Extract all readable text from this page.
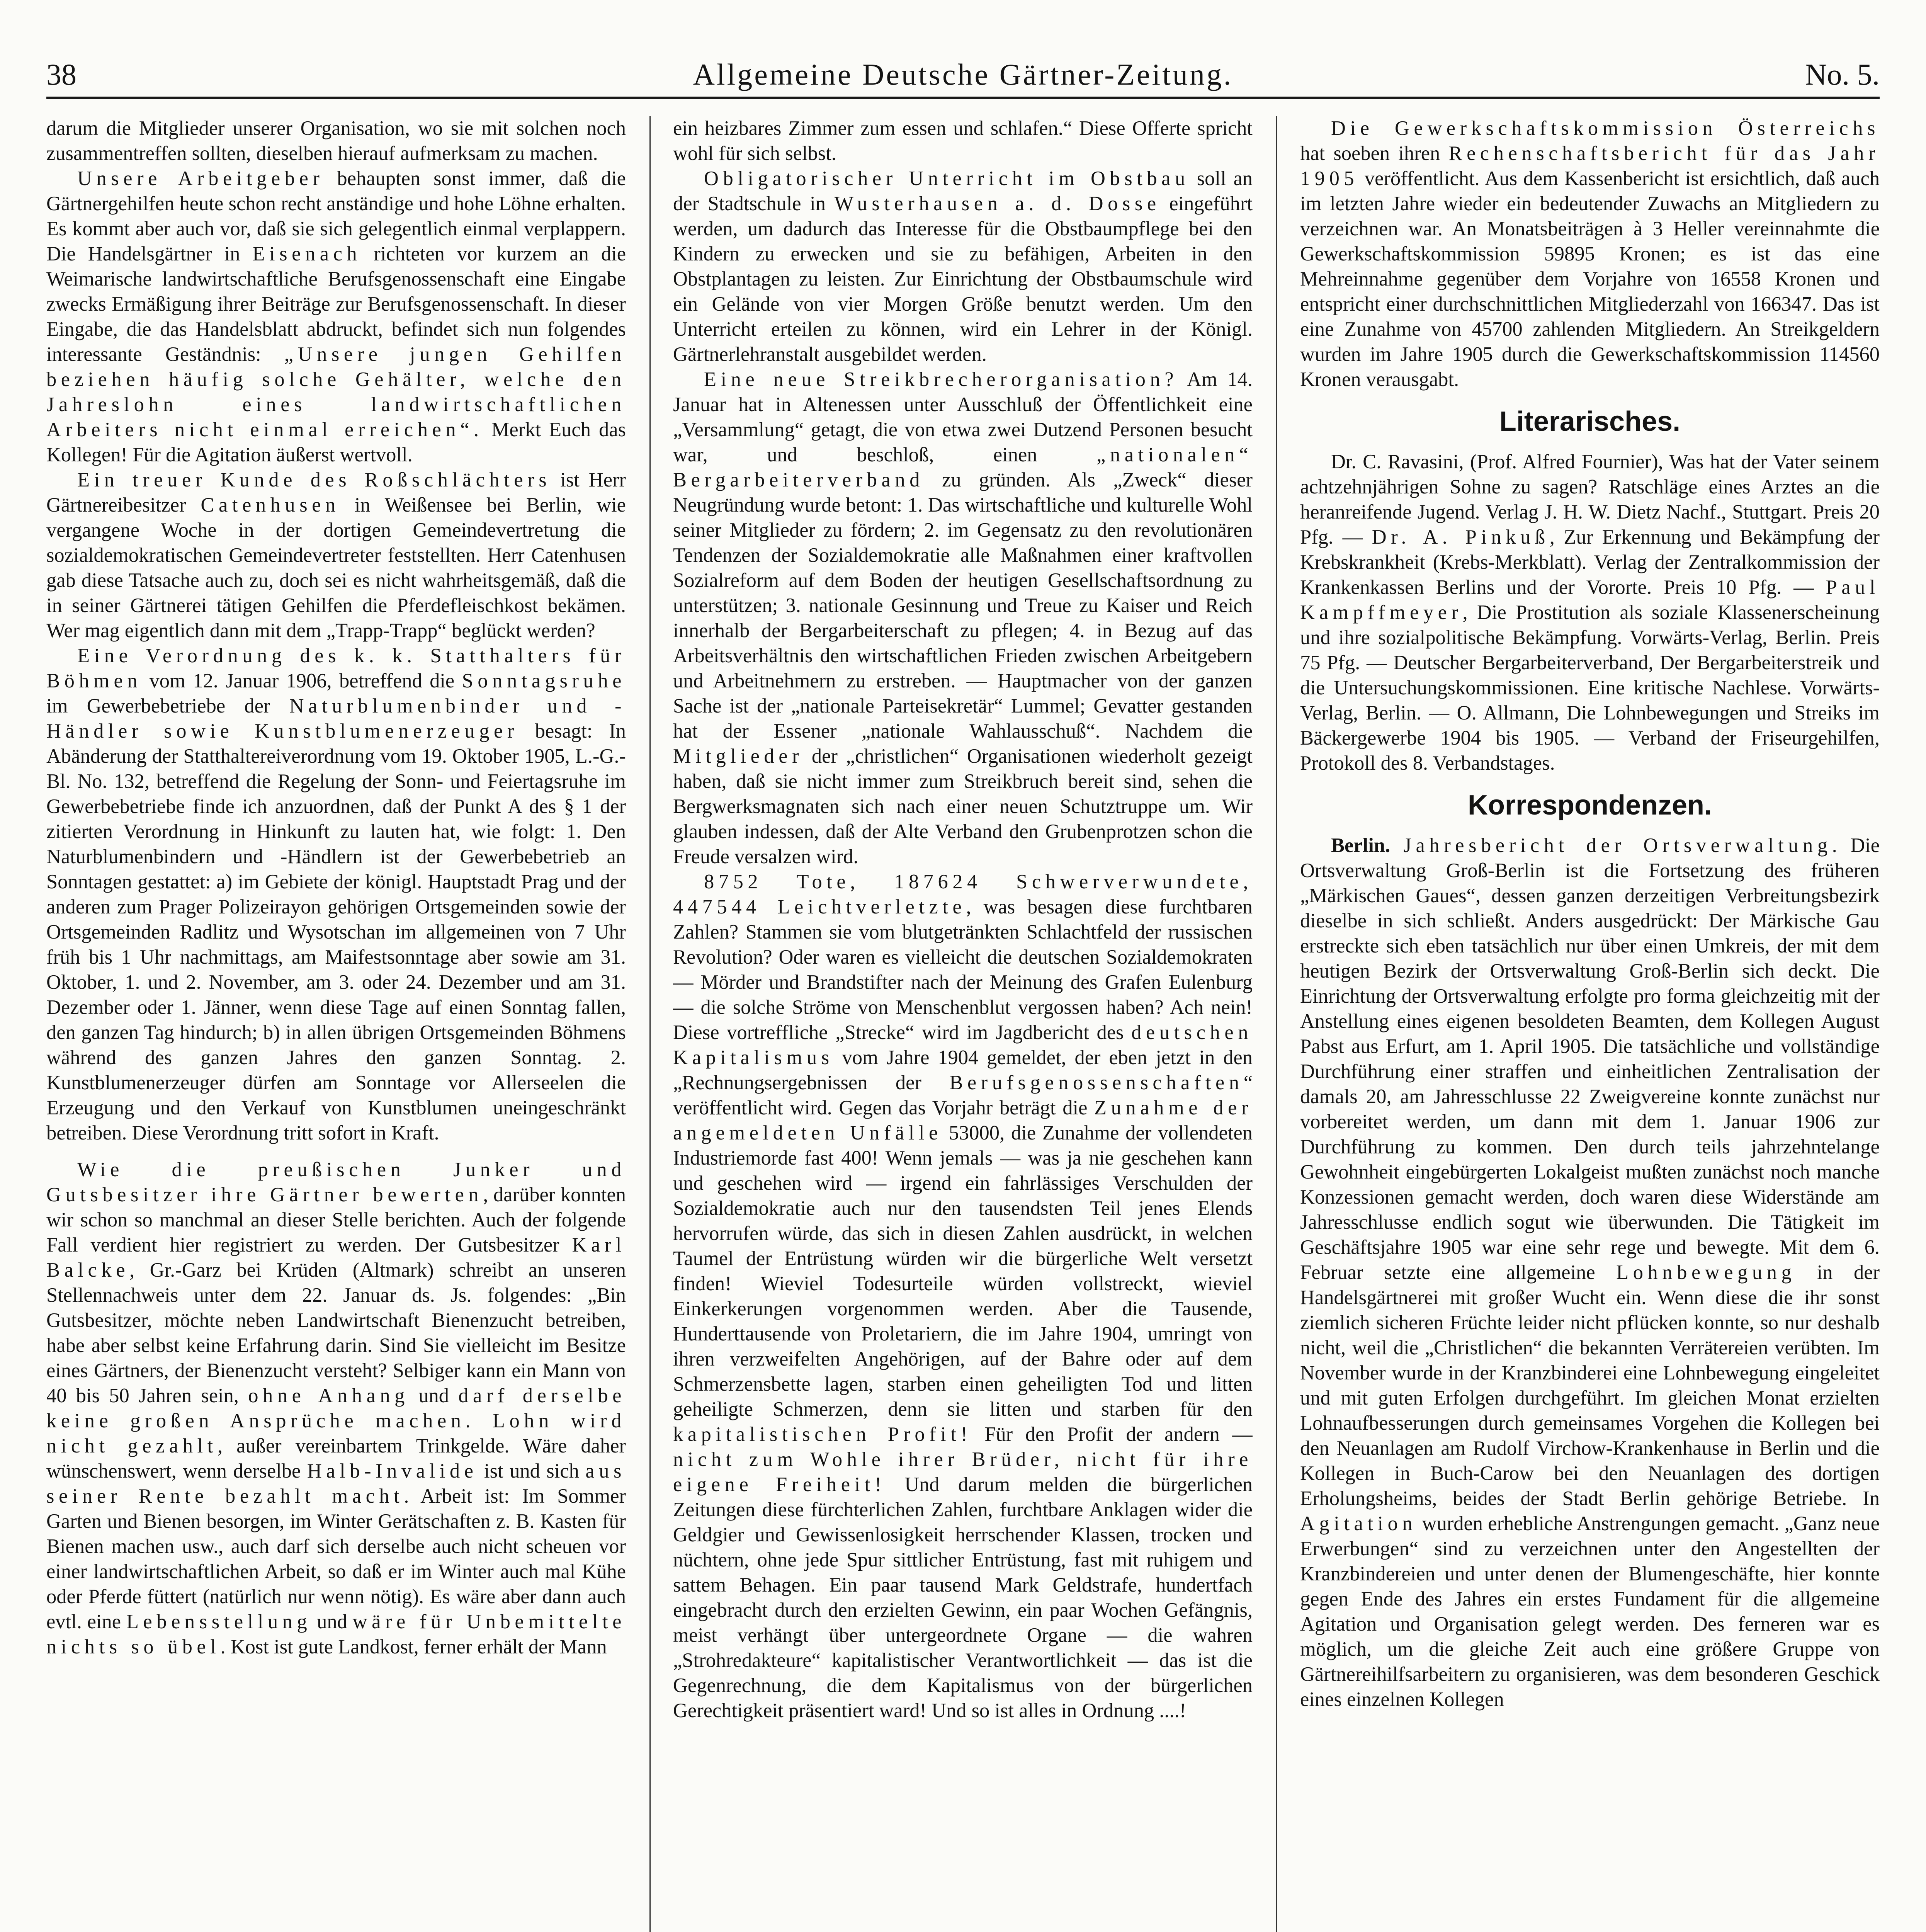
38	Allgemeine Deutsche Gärtner-Zeitung.	No. 5.

darum die Mitglieder unserer Organisation, wo sie mit solchen noch zusammentreffen sollten, dieselben hierauf aufmerksam zu machen.

Unsere Arbeitgeber behaupten sonst immer, daß die Gärtnergehilfen heute schon recht anständige und hohe Löhne erhalten. Es kommt aber auch vor, daß sie sich gelegentlich einmal verplappern. Die Handelsgärtner in Eisenach richteten vor kurzem an die Weimarische landwirtschaftliche Berufsgenossenschaft eine Eingabe zwecks Ermäßigung ihrer Beiträge zur Berufsgenossenschaft. In dieser Eingabe, die das Handelsblatt abdruckt, befindet sich nun folgendes interessante Geständnis: „Unsere jungen Gehilfen beziehen häufig solche Gehälter, welche den Jahreslohn eines landwirtschaftlichen Arbeiters nicht einmal erreichen“. Merkt Euch das Kollegen! Für die Agitation äußerst wertvoll.

Ein treuer Kunde des Roßschlächters ist Herr Gärtnereibesitzer Catenhusen in Weißensee bei Berlin, wie vergangene Woche in der dortigen Gemeindevertretung die sozialdemokratischen Gemeindevertreter feststellten. Herr Catenhusen gab diese Tatsache auch zu, doch sei es nicht wahrheitsgemäß, daß die in seiner Gärtnerei tätigen Gehilfen die Pferdefleischkost bekämen. Wer mag eigentlich dann mit dem „Trapp-Trapp“ beglückt werden?

Eine Verordnung des k. k. Statthalters für Böhmen vom 12. Januar 1906, betreffend die Sonntagsruhe im Gewerbebetriebe der Naturblumenbinder und -Händler sowie Kunstblumenerzeuger besagt: In Abänderung der Statthaltereiverordnung vom 19. Oktober 1905, L.-G.-Bl. No. 132, betreffend die Regelung der Sonn- und Feiertagsruhe im Gewerbebetriebe finde ich anzuordnen, daß der Punkt A des § 1 der zitierten Verordnung in Hinkunft zu lauten hat, wie folgt: 1. Den Naturblumenbindern und -Händlern ist der Gewerbebetrieb an Sonntagen gestattet: a) im Gebiete der königl. Hauptstadt Prag und der anderen zum Prager Polizeirayon gehörigen Ortsgemeinden sowie der Ortsgemeinden Radlitz und Wysotschan im allgemeinen von 7 Uhr früh bis 1 Uhr nachmittags, am Maifestsonntage aber sowie am 31. Oktober, 1. und 2. November, am 3. oder 24. Dezember und am 31. Dezember oder 1. Jänner, wenn diese Tage auf einen Sonntag fallen, den ganzen Tag hindurch; b) in allen übrigen Ortsgemeinden Böhmens während des ganzen Jahres den ganzen Sonntag. 2. Kunstblumenerzeuger dürfen am Sonntage vor Allerseelen die Erzeugung und den Verkauf von Kunstblumen uneingeschränkt betreiben. Diese Verordnung tritt sofort in Kraft.

Wie die preußischen Junker und Gutsbesitzer ihre Gärtner bewerten, darüber konnten wir schon so manchmal an dieser Stelle berichten. Auch der folgende Fall verdient hier registriert zu werden. Der Gutsbesitzer Karl Balcke, Gr.-Garz bei Krüden (Altmark) schreibt an unseren Stellennachweis unter dem 22. Januar ds. Js. folgendes: „Bin Gutsbesitzer, möchte neben Landwirtschaft Bienenzucht betreiben, habe aber selbst keine Erfahrung darin. Sind Sie vielleicht im Besitze eines Gärtners, der Bienenzucht versteht? Selbiger kann ein Mann von 40 bis 50 Jahren sein, ohne Anhang und darf derselbe keine großen Ansprüche machen. Lohn wird nicht gezahlt, außer vereinbartem Trinkgelde. Wäre daher wünschenswert, wenn derselbe Halb-Invalide ist und sich aus seiner Rente bezahlt macht. Arbeit ist: Im Sommer Garten und Bienen besorgen, im Winter Gerätschaften z. B. Kasten für Bienen machen usw., auch darf sich derselbe auch nicht scheuen vor einer landwirtschaftlichen Arbeit, so daß er im Winter auch mal Kühe oder Pferde füttert (natürlich nur wenn nötig). Es wäre aber dann auch evtl. eine Lebensstellung und wäre für Unbemittelte nichts so übel. Kost ist gute Landkost, ferner erhält der Mann

ein heizbares Zimmer zum essen und schlafen.“ Diese Offerte spricht wohl für sich selbst.

Obligatorischer Unterricht im Obstbau soll an der Stadtschule in Wusterhausen a. d. Dosse eingeführt werden, um dadurch das Interesse für die Obstbaumpflege bei den Kindern zu erwecken und sie zu befähigen, Arbeiten in den Obstplantagen zu leisten. Zur Einrichtung der Obstbaumschule wird ein Gelände von vier Morgen Größe benutzt werden. Um den Unterricht erteilen zu können, wird ein Lehrer in der Königl. Gärtnerlehranstalt ausgebildet werden.

Eine neue Streikbrecherorganisation? Am 14. Januar hat in Altenessen unter Ausschluß der Öffentlichkeit eine „Versammlung“ getagt, die von etwa zwei Dutzend Personen besucht war, und beschloß, einen „nationalen“ Bergarbeiterverband zu gründen. Als „Zweck“ dieser Neugründung wurde betont: 1. Das wirtschaftliche und kulturelle Wohl seiner Mitglieder zu fördern; 2. im Gegensatz zu den revolutionären Tendenzen der Sozialdemokratie alle Maßnahmen einer kraftvollen Sozialreform auf dem Boden der heutigen Gesellschaftsordnung zu unterstützen; 3. nationale Gesinnung und Treue zu Kaiser und Reich innerhalb der Bergarbeiterschaft zu pflegen; 4. in Bezug auf das Arbeitsverhältnis den wirtschaftlichen Frieden zwischen Arbeitgebern und Arbeitnehmern zu erstreben. — Hauptmacher von der ganzen Sache ist der „nationale Parteisekretär“ Lummel; Gevatter gestanden hat der Essener „nationale Wahlausschuß“. Nachdem die Mitglieder der „christlichen“ Organisationen wiederholt gezeigt haben, daß sie nicht immer zum Streikbruch bereit sind, sehen die Bergwerksmagnaten sich nach einer neuen Schutztruppe um. Wir glauben indessen, daß der Alte Verband den Grubenprotzen schon die Freude versalzen wird.

8752 Tote, 187624 Schwerverwundete, 447544 Leichtverletzte, was besagen diese furchtbaren Zahlen? Stammen sie vom blutgetränkten Schlachtfeld der russischen Revolution? Oder waren es vielleicht die deutschen Sozialdemokraten — Mörder und Brandstifter nach der Meinung des Grafen Eulenburg — die solche Ströme von Menschenblut vergossen haben? Ach nein! Diese vortreffliche „Strecke“ wird im Jagdbericht des deutschen Kapitalismus vom Jahre 1904 gemeldet, der eben jetzt in den „Rechnungsergebnissen der Berufsgenossenschaften“ veröffentlicht wird. Gegen das Vorjahr beträgt die Zunahme der angemeldeten Unfälle 53000, die Zunahme der vollendeten Industriemorde fast 400! Wenn jemals — was ja nie geschehen kann und geschehen wird — irgend ein fahrlässiges Verschulden der Sozialdemokratie auch nur den tausendsten Teil jenes Elends hervorrufen würde, das sich in diesen Zahlen ausdrückt, in welchen Taumel der Entrüstung würden wir die bürgerliche Welt versetzt finden! Wieviel Todesurteile würden vollstreckt, wieviel Einkerkerungen vorgenommen werden. Aber die Tausende, Hunderttausende von Proletariern, die im Jahre 1904, umringt von ihren verzweifelten Angehörigen, auf der Bahre oder auf dem Schmerzensbette lagen, starben einen geheiligten Tod und litten geheiligte Schmerzen, denn sie litten und starben für den kapitalistischen Profit! Für den Profit der andern — nicht zum Wohle ihrer Brüder, nicht für ihre eigene Freiheit! Und darum melden die bürgerlichen Zeitungen diese fürchterlichen Zahlen, furchtbare Anklagen wider die Geldgier und Gewissenlosigkeit herrschender Klassen, trocken und nüchtern, ohne jede Spur sittlicher Entrüstung, fast mit ruhigem und sattem Behagen. Ein paar tausend Mark Geldstrafe, hundertfach eingebracht durch den erzielten Gewinn, ein paar Wochen Gefängnis, meist verhängt über untergeordnete Organe — die wahren „Strohredakteure“ kapitalistischer Verantwortlichkeit — das ist die Gegenrechnung, die dem Kapitalismus von der bürgerlichen Gerechtigkeit präsentiert ward! Und so ist alles in Ordnung ....!

Die Gewerkschaftskommission Österreichs hat soeben ihren Rechenschaftsbericht für das Jahr 1905 veröffentlicht. Aus dem Kassenbericht ist ersichtlich, daß auch im letzten Jahre wieder ein bedeutender Zuwachs an Mitgliedern zu verzeichnen war. An Monatsbeiträgen à 3 Heller vereinnahmte die Gewerkschaftskommission 59895 Kronen; es ist das eine Mehreinnahme gegenüber dem Vorjahre von 16558 Kronen und entspricht einer durchschnittlichen Mitgliederzahl von 166347. Das ist eine Zunahme von 45700 zahlenden Mitgliedern. An Streikgeldern wurden im Jahre 1905 durch die Gewerkschaftskommission 114560 Kronen verausgabt.

Literarisches.

Dr. C. Ravasini, (Prof. Alfred Fournier), Was hat der Vater seinem achtzehnjährigen Sohne zu sagen? Ratschläge eines Arztes an die heranreifende Jugend. Verlag J. H. W. Dietz Nachf., Stuttgart. Preis 20 Pfg. — Dr. A. Pinkuß, Zur Erkennung und Bekämpfung der Krebskrankheit (Krebs-Merkblatt). Verlag der Zentralkommission der Krankenkassen Berlins und der Vororte. Preis 10 Pfg. — Paul Kampffmeyer, Die Prostitution als soziale Klassenerscheinung und ihre sozialpolitische Bekämpfung. Vorwärts-Verlag, Berlin. Preis 75 Pfg. — Deutscher Bergarbeiterverband, Der Bergarbeiterstreik und die Untersuchungskommissionen. Eine kritische Nachlese. Vorwärts-Verlag, Berlin. — O. Allmann, Die Lohnbewegungen und Streiks im Bäckergewerbe 1904 bis 1905. — Verband der Friseurgehilfen, Protokoll des 8. Verbandstages.

Korrespondenzen.

Berlin. Jahresbericht der Ortsverwaltung. Die Ortsverwaltung Groß-Berlin ist die Fortsetzung des früheren „Märkischen Gaues“, dessen ganzen derzeitigen Verbreitungsbezirk dieselbe in sich schließt. Anders ausgedrückt: Der Märkische Gau erstreckte sich eben tatsächlich nur über einen Umkreis, der mit dem heutigen Bezirk der Ortsverwaltung Groß-Berlin sich deckt. Die Einrichtung der Ortsverwaltung erfolgte pro forma gleichzeitig mit der Anstellung eines eigenen besoldeten Beamten, dem Kollegen August Pabst aus Erfurt, am 1. April 1905. Die tatsächliche und vollständige Durchführung einer straffen und einheitlichen Zentralisation der damals 20, am Jahresschlusse 22 Zweigvereine konnte zunächst nur vorbereitet werden, um dann mit dem 1. Januar 1906 zur Durchführung zu kommen. Den durch teils jahrzehntelange Gewohnheit eingebürgerten Lokalgeist mußten zunächst noch manche Konzessionen gemacht werden, doch waren diese Widerstände am Jahresschlusse endlich sogut wie überwunden. Die Tätigkeit im Geschäftsjahre 1905 war eine sehr rege und bewegte. Mit dem 6. Februar setzte eine allgemeine Lohnbewegung in der Handelsgärtnerei mit großer Wucht ein. Wenn diese die ihr sonst ziemlich sicheren Früchte leider nicht pflücken konnte, so nur deshalb nicht, weil die „Christlichen“ die bekannten Verrätereien verübten. Im November wurde in der Kranzbinderei eine Lohnbewegung eingeleitet und mit guten Erfolgen durchgeführt. Im gleichen Monat erzielten Lohnaufbesserungen durch gemeinsames Vorgehen die Kollegen bei den Neuanlagen am Rudolf Virchow-Krankenhause in Berlin und die Kollegen in Buch-Carow bei den Neuanlagen des dortigen Erholungsheims, beides der Stadt Berlin gehörige Betriebe. In Agitation wurden erhebliche Anstrengungen gemacht. „Ganz neue Erwerbungen“ sind zu verzeichnen unter den Angestellten der Kranzbindereien und unter denen der Blumengeschäfte, hier konnte gegen Ende des Jahres ein erstes Fundament für die allgemeine Agitation und Organisation gelegt werden. Des ferneren war es möglich, um die gleiche Zeit auch eine größere Gruppe von Gärtnereihilfsarbeitern zu organisieren, was dem besonderen Geschick eines einzelnen Kollegen
